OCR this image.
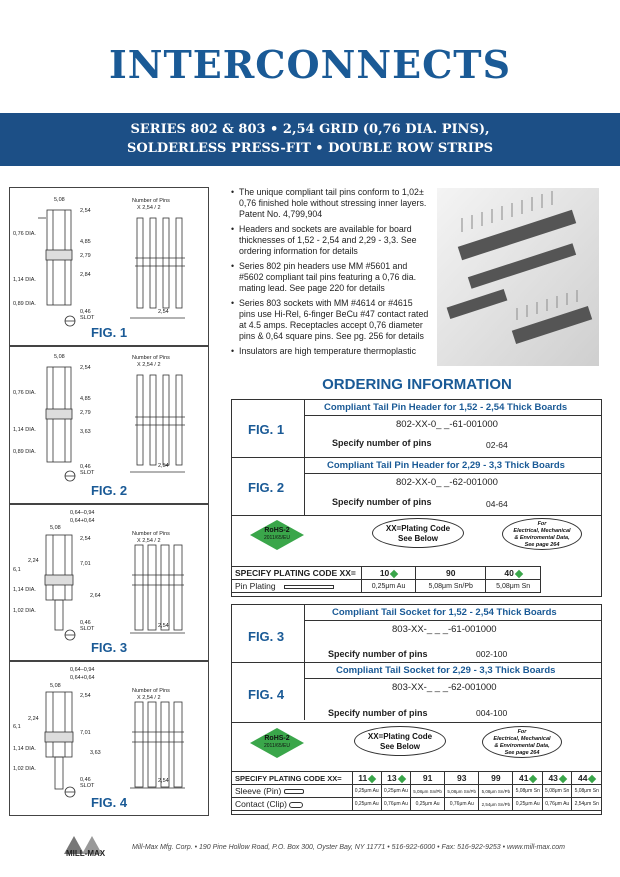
INTERCONNECTS
SERIES 802 & 803 • 2,54 GRID (0,76 DIA. PINS),
SOLDERLESS PRESS-FIT • DOUBLE ROW STRIPS
5,08
2,54
0,76 DIA.
4,85
2,79
2,84
1,14 DIA.
0,89 DIA.
0,46
SLOT
2,54
Number of Pins
X 2,54 / 2
FIG. 1
5,08
2,54
0,76 DIA.
4,85
2,79
3,63
1,14 DIA.
0,89 DIA.
0,46
SLOT
2,54
Number of Pins
X 2,54 / 2
FIG. 2
0,64–0,94
0,64+0,64
5,08
2,54
2,24
6,1
7,01
1,14 DIA.
2,64
1,02 DIA.
0,46
SLOT	2,54
Number of Pins
X 2,54 / 2
FIG. 3
0,64–0,94
0,64+0,64
5,08
2,54
2,24
6,1
7,01
1,14 DIA.
3,63
1,02 DIA.
0,46
SLOT
2,54
Number of Pins
X 2,54 / 2
FIG. 4
• The unique compliant tail pins conform to 1,02± 0,76 finished hole without stressing inner layers. Patent No. 4,799,904
• Headers and sockets are available for board thicknesses of 1,52 - 2,54 and 2,29 - 3,3. See ordering information for details
• Series 802 pin headers use MM #5601 and #5602 compliant tail pins featuring a 0,76 dia. mating lead. See page 220 for details
• Series 803 sockets with MM #4614 or #4615 pins use Hi-Rel, 6-finger BeCu #47 contact rated at 4.5 amps. Receptacles accept 0,76 diameter pins & 0,64 square pins. See pg. 256 for details
• Insulators are high temperature thermoplastic
ORDERING INFORMATION
FIG. 1
Compliant Tail Pin Header for 1,52 - 2,54 Thick Boards
802-XX-0_ _-61-001000
Specify number of pins	02-64
FIG. 2
Compliant Tail Pin Header for 2,29 - 3,3 Thick Boards
802-XX-0_ _-62-001000
Specify number of pins	04-64
RoHS-2
2011/65/EU
XX=Plating Code
See Below
For
Electrical, Mechanical
& Enviromental Data,
See page 264
SPECIFY PLATING CODE XX=	10	90	40
Pin Plating	0,25μm Au	5,08μm Sn/Pb	5,08μm Sn
FIG. 3
Compliant Tail Socket for 1,52 - 2,54 Thick Boards
803-XX-_ _ _-61-001000
Specify number of pins	002-100
FIG. 4
Compliant Tail Socket for 2,29 - 3,3 Thick Boards
803-XX-_ _ _-62-001000
Specify number of pins	004-100
RoHS-2
2011/65/EU
XX=Plating Code
See Below
For
Electrical, Mechanical
& Enviromental Data,
See page 264
SPECIFY PLATING CODE XX=	11	13	91	93	99	41	43	44
Sleeve (Pin)	0,25μm Au	0,25μm Au	5,08μm Sn/Pb	5,08μm Sn/Pb	5,08μm Sn/Pb	5,08μm Sn	5,08μm Sn	5,08μm Sn
Contact (Clip)	0,25μm Au	0,76μm Au	0,25μm Au	0,76μm Au	2,54μm Sn/Pb	0,25μm Au	0,76μm Au	2,54μm Sn
MILL-MAX
Mill-Max Mfg. Corp. • 190 Pine Hollow Road, P.O. Box 300, Oyster Bay, NY 11771 • 516-922-6000 • Fax: 516-922-9253 • www.mill-max.com
